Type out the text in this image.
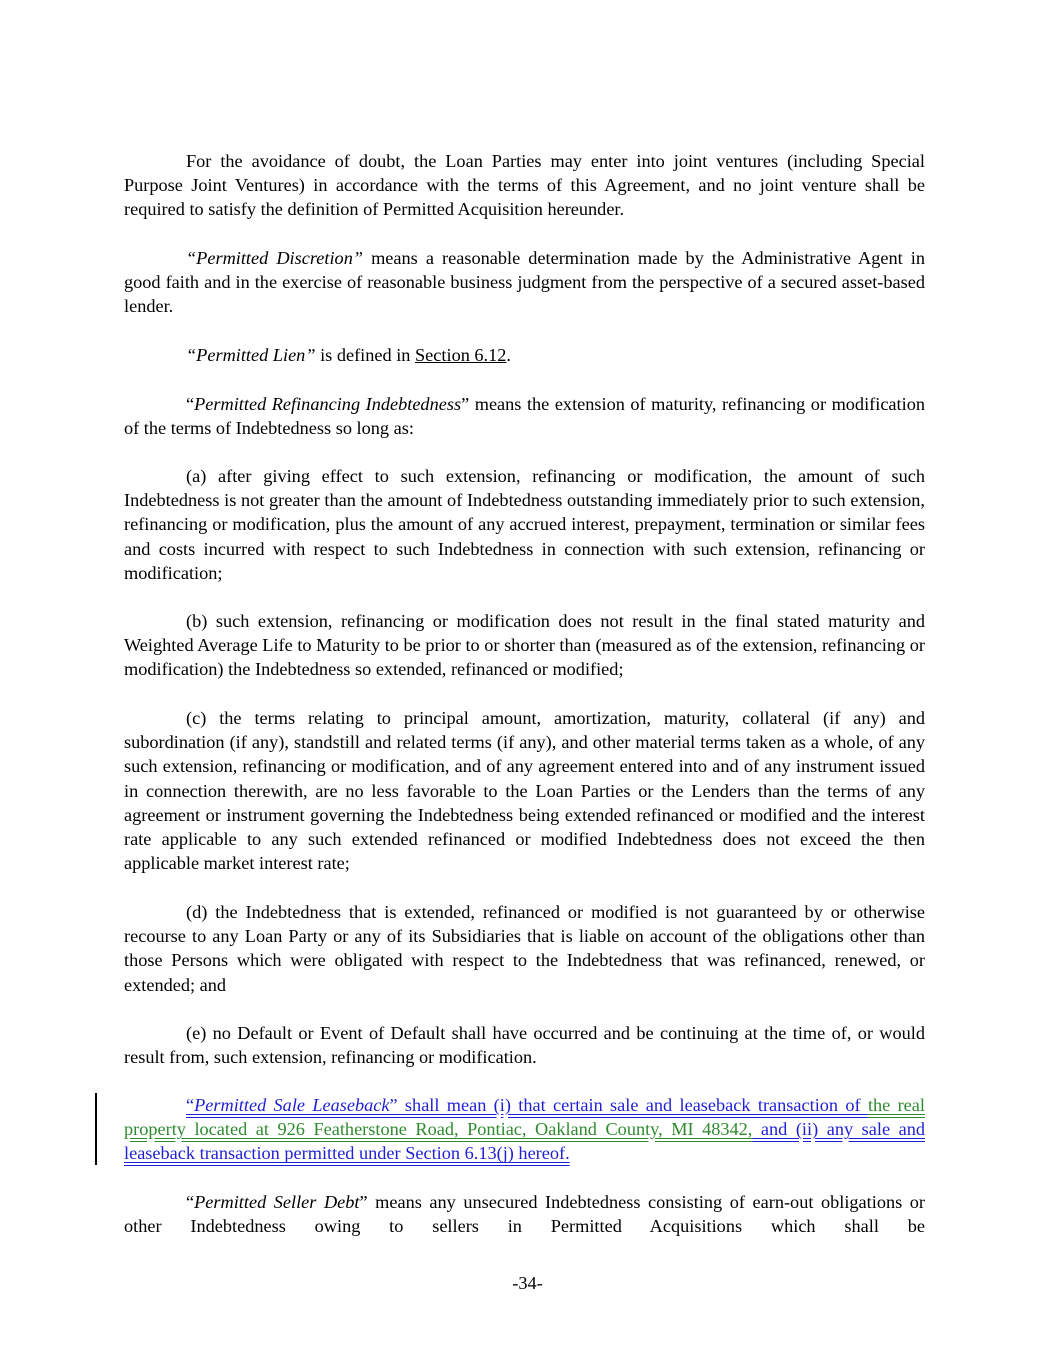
For the avoidance of doubt, the Loan Parties may enter into joint ventures (including Special Purpose Joint Ventures) in accordance with the terms of this Agreement, and no joint venture shall be required to satisfy the definition of Permitted Acquisition hereunder.

“Permitted Discretion” means a reasonable determination made by the Administrative Agent in good faith and in the exercise of reasonable business judgment from the perspective of a secured asset-based lender.

“Permitted Lien” is defined in Section 6.12.

“Permitted Refinancing Indebtedness” means the extension of maturity, refinancing or modification of the terms of Indebtedness so long as:

(a) after giving effect to such extension, refinancing or modification, the amount of such Indebtedness is not greater than the amount of Indebtedness outstanding immediately prior to such extension, refinancing or modification, plus the amount of any accrued interest, prepayment, termination or similar fees and costs incurred with respect to such Indebtedness in connection with such extension, refinancing or modification;

(b) such extension, refinancing or modification does not result in the final stated maturity and Weighted Average Life to Maturity to be prior to or shorter than (measured as of the extension, refinancing or modification) the Indebtedness so extended, refinanced or modified;

(c) the terms relating to principal amount, amortization, maturity, collateral (if any) and subordination (if any), standstill and related terms (if any), and other material terms taken as a whole, of any such extension, refinancing or modification, and of any agreement entered into and of any instrument issued in connection therewith, are no less favorable to the Loan Parties or the Lenders than the terms of any agreement or instrument governing the Indebtedness being extended refinanced or modified and the interest rate applicable to any such extended refinanced or modified Indebtedness does not exceed the then applicable market interest rate;

(d) the Indebtedness that is extended, refinanced or modified is not guaranteed by or otherwise recourse to any Loan Party or any of its Subsidiaries that is liable on account of the obligations other than those Persons which were obligated with respect to the Indebtedness that was refinanced, renewed, or extended; and

(e) no Default or Event of Default shall have occurred and be continuing at the time of, or would result from, such extension, refinancing or modification.

“Permitted Sale Leaseback” shall mean (i) that certain sale and leaseback transaction of the real property located at 926 Featherstone Road, Pontiac, Oakland County, MI 48342, and (ii) any sale and leaseback transaction permitted under Section 6.13(j) hereof.

“Permitted Seller Debt” means any unsecured Indebtedness consisting of earn-out obligations or other Indebtedness owing to sellers in Permitted Acquisitions which shall be

-34-
